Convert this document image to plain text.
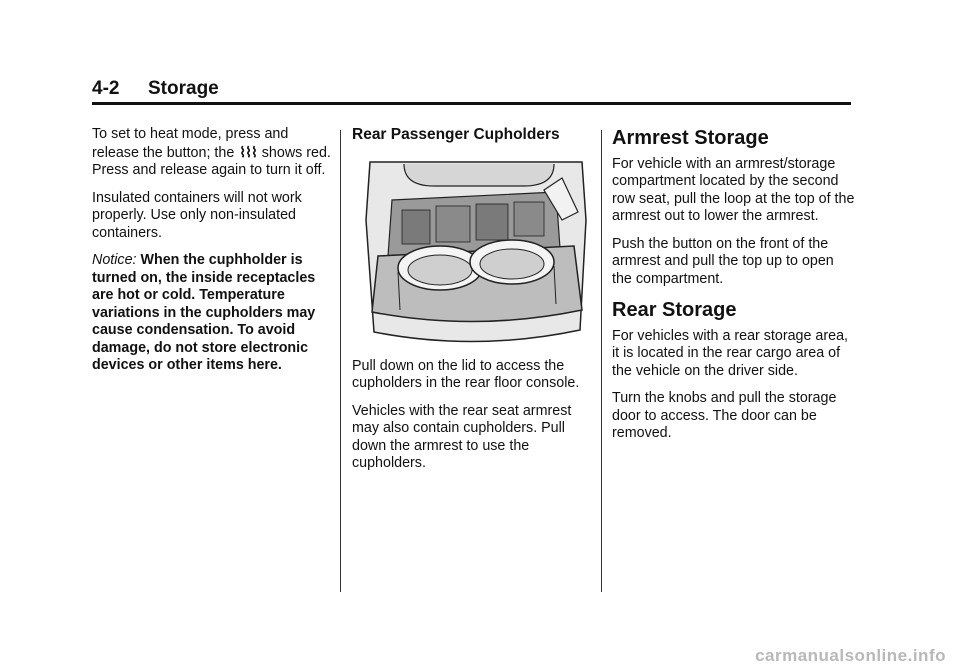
4-2 Storage

To set to heat mode, press and release the button; the ⌇⌇⌇ shows red. Press and release again to turn it off.

Insulated containers will not work properly. Use only non-insulated containers.

Notice: When the cuphholder is turned on, the inside receptacles are hot or cold. Temperature variations in the cupholders may cause condensation. To avoid damage, do not store electronic devices or other items here.

Rear Passenger Cupholders

Pull down on the lid to access the cupholders in the rear floor console.

Vehicles with the rear seat armrest may also contain cupholders. Pull down the armrest to use the cupholders.

Armrest Storage

For vehicle with an armrest/storage compartment located by the second row seat, pull the loop at the top of the armrest out to lower the armrest.

Push the button on the front of the armrest and pull the top up to open the compartment.

Rear Storage

For vehicles with a rear storage area, it is located in the rear cargo area of the vehicle on the driver side.

Turn the knobs and pull the storage door to access. The door can be removed.

carmanualsonline.info
